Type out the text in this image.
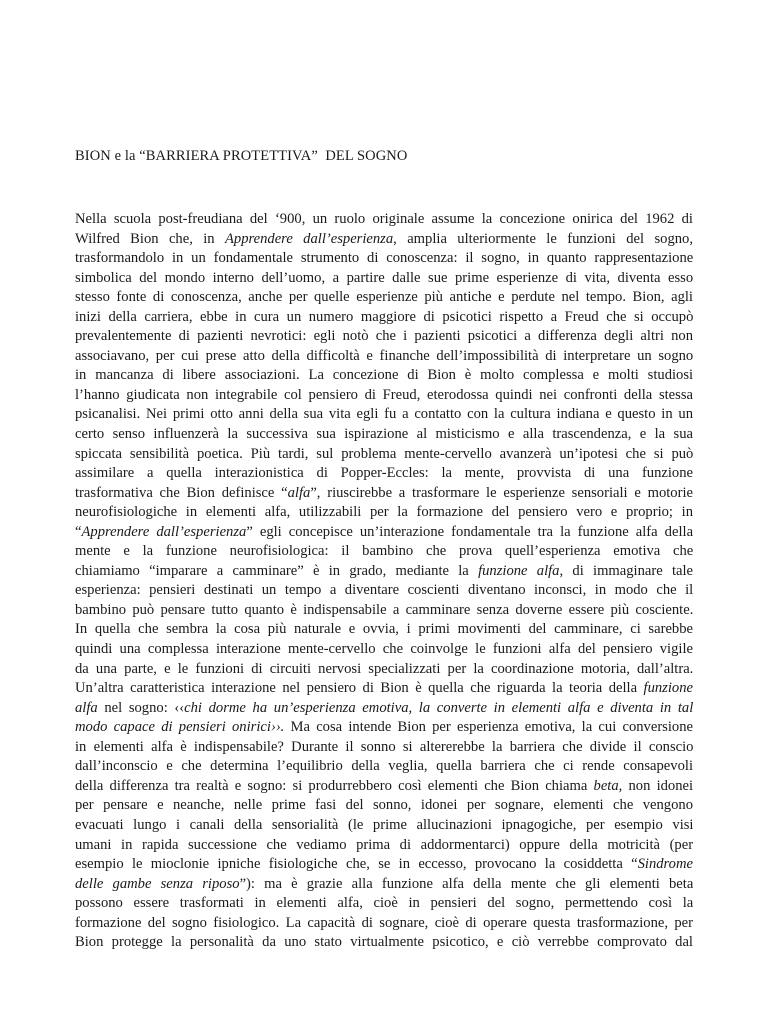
BION e la “BARRIERA PROTETTIVA”  DEL SOGNO
Nella scuola post-freudiana del ‘900, un ruolo originale assume la concezione onirica del 1962 di
Wilfred Bion che, in Apprendere dall’esperienza, amplia ulteriormente le funzioni del sogno,
trasformandolo in un fondamentale strumento di conoscenza: il sogno, in quanto rappresentazione
simbolica del mondo interno dell’uomo, a partire dalle sue prime esperienze di vita, diventa esso
stesso fonte di conoscenza, anche per quelle esperienze più antiche e perdute nel tempo. Bion, agli
inizi della carriera, ebbe in cura un numero maggiore di psicotici rispetto a Freud che si occupò
prevalentemente di pazienti nevrotici: egli notò che i pazienti psicotici a differenza degli altri non
associavano, per cui prese atto della difficoltà e finanche dell’impossibilità di interpretare un sogno
in mancanza di libere associazioni. La concezione di Bion è molto complessa e molti studiosi
l’hanno giudicata non integrabile col pensiero di Freud, eterodossa quindi nei confronti della stessa
psicanalisi. Nei primi otto anni della sua vita egli fu a contatto con la cultura indiana e questo in un
certo senso influenzerà la successiva sua ispirazione al misticismo e alla trascendenza, e la sua
spiccata sensibilità poetica. Più tardi, sul problema mente-cervello avanzerà un’ipotesi che si può
assimilare a quella interazionistica di Popper-Eccles: la mente, provvista di una funzione
trasformativa che Bion definisce “alfa”, riuscirebbe a trasformare le esperienze sensoriali e motorie
neurofisiologiche in elementi alfa, utilizzabili per la formazione del pensiero vero e proprio; in
“Apprendere dall’esperienza” egli concepisce un’interazione fondamentale tra la funzione alfa della
mente e la funzione neurofisiologica: il bambino che prova quell’esperienza emotiva che
chiamiamo “imparare a camminare” è in grado, mediante la funzione alfa, di immaginare tale
esperienza: pensieri destinati un tempo a diventare coscienti diventano inconsci, in modo che il
bambino può pensare tutto quanto è indispensabile a camminare senza doverne essere più cosciente.
In quella che sembra la cosa più naturale e ovvia, i primi movimenti del camminare, ci sarebbe
quindi una complessa interazione mente-cervello che coinvolge le funzioni alfa del pensiero vigile
da una parte, e le funzioni di circuiti nervosi specializzati per la coordinazione motoria, dall’altra.
Un’altra caratteristica interazione nel pensiero di Bion è quella che riguarda la teoria della funzione
alfa nel sogno: ‹‹chi dorme ha un’esperienza emotiva, la converte in elementi alfa e diventa in tal
modo capace di pensieri onirici››. Ma cosa intende Bion per esperienza emotiva, la cui conversione
in elementi alfa è indispensabile? Durante il sonno si altererebbe la barriera che divide il conscio
dall’inconscio e che determina l’equilibrio della veglia, quella barriera che ci rende consapevoli
della differenza tra realtà e sogno: si produrrebbero così elementi che Bion chiama beta, non idonei
per pensare e neanche, nelle prime fasi del sonno, idonei per sognare, elementi che vengono
evacuati lungo i canali della sensorialità (le prime allucinazioni ipnagogiche, per esempio visi
umani in rapida successione che vediamo prima di addormentarci) oppure della motricità (per
esempio le mioclonie ipniche fisiologiche che, se in eccesso, provocano la cosiddetta “Sindrome
delle gambe senza riposo”): ma è grazie alla funzione alfa della mente che gli elementi beta
possono essere trasformati in elementi alfa, cioè in pensieri del sogno, permettendo così la
formazione del sogno fisiologico. La capacità di sognare, cioè di operare questa trasformazione, per
Bion protegge la personalità da uno stato virtualmente psicotico, e ciò verrebbe comprovato dal
